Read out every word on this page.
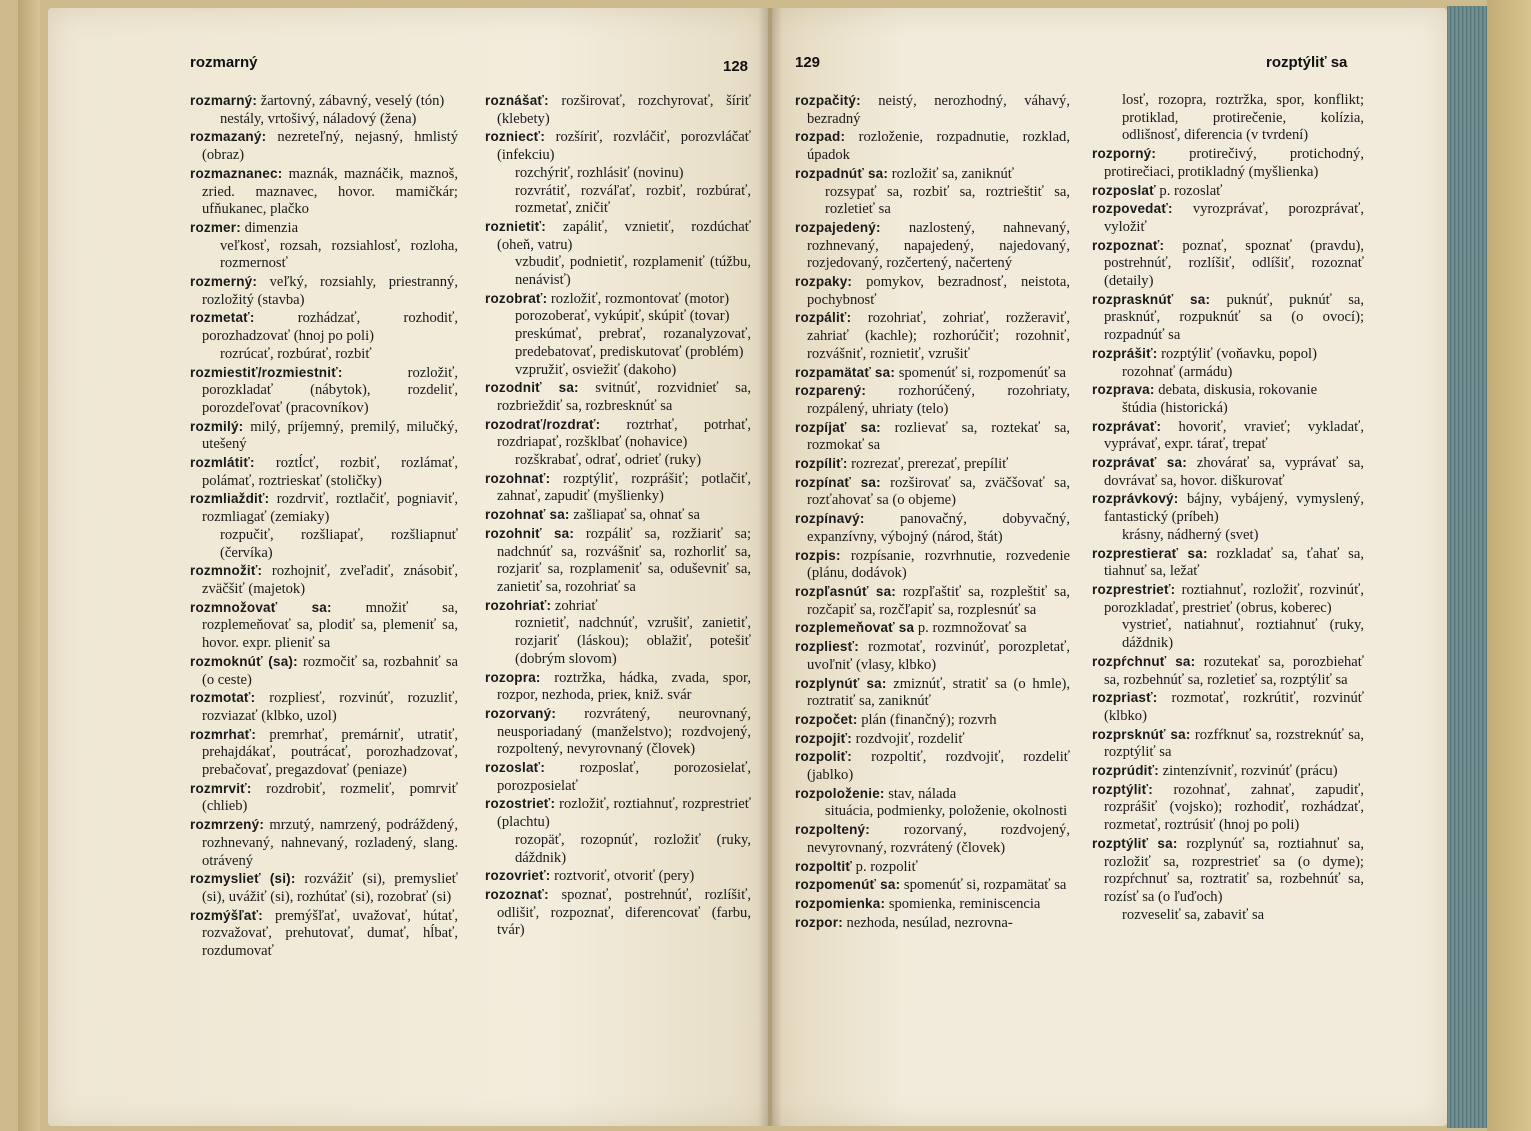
rozmarný	128	129	rozptýliť sa

rozmarný: žartovný, zábavný, veselý (tón)

nestály, vrtošivý, náladový (žena)

rozmazaný: nezreteľný, nejasný, hmlistý (obraz)

rozmaznanec: maznák, maznáčik, maznoš, zried. maznavec, hovor. mamičkár; ufňukanec, plačko

rozmer: dimenzia

veľkosť, rozsah, rozsiahlosť, rozloha, rozmernosť

rozmerný: veľký, rozsiahly, priestranný, rozložitý (stavba)

rozmetať: rozhádzať, rozhodiť, porozhadzovať (hnoj po poli)

rozrúcať, rozbúrať, rozbiť

rozmiestiť/rozmiestniť: rozložiť, porozkladať (nábytok), rozdeliť, porozdeľovať (pracovníkov)

rozmilý: milý, príjemný, premilý, milučký, utešený

rozmlátiť: roztĺcť, rozbiť, rozlámať, polámať, roztrieskať (stoličky)

rozmliaždiť: rozdrviť, roztlačiť, pogniaviť, rozmliagať (zemiaky)

rozpučiť, rozšliapať, rozšliapnuť (červíka)

rozmnožiť: rozhojniť, zveľadiť, znásobiť, zväčšiť (majetok)

rozmnožovať sa: množiť sa, rozplemeňovať sa, plodiť sa, plemeniť sa, hovor. expr. plieniť sa

rozmoknúť (sa): rozmočiť sa, rozbahniť sa (o ceste)

rozmotať: rozpliesť, rozvinúť, rozuzliť, rozviazať (klbko, uzol)

rozmrhať: premrhať, premárniť, utratiť, prehajdákať, poutrácať, porozhadzovať, prebačovať, pregazdovať (peniaze)

rozmrviť: rozdrobiť, rozmeliť, pomrviť (chlieb)

rozmrzený: mrzutý, namrzený, podráždený, rozhnevaný, nahnevaný, rozladený, slang. otrávený

rozmyslieť (si): rozvážiť (si), premyslieť (si), uvážiť (si), rozhútať (si), rozobrať (si)

rozmýšľať: premýšľať, uvažovať, hútať, rozvažovať, prehutovať, dumať, hĺbať, rozdumovať

roznášať: rozširovať, rozchyrovať, šíriť (klebety)

roznieсť: rozšíriť, rozvláčiť, porozvláčať (infekciu)

rozchýriť, rozhlásiť (novinu)

rozvrátiť, rozváľať, rozbiť, rozbúrať, rozmetať, zničiť

roznietiť: zapáliť, vznietiť, rozdúchať (oheň, vatru)

vzbudiť, podnietiť, rozplameniť (túžbu, nenávisť)

rozobrať: rozložiť, rozmontovať (motor)

porozoberať, vykúpiť, skúpiť (tovar)

preskúmať, prebrať, rozanalyzovať, predebatovať, prediskutovať (problém)

vzpružiť, osviežiť (dakoho)

rozodniť sa: svitnúť, rozvidnieť sa, rozbrieždiť sa, rozbresknúť sa

rozodrať/rozdrať: roztrhať, potrhať, rozdriapať, rozšklbať (nohavice)

rozškrabať, odrať, odrieť (ruky)

rozohnať: rozptýliť, rozprášiť; potlačiť, zahnať, zapudiť (myšlienky)

rozohnať sa: zašliapať sa, ohnať sa

rozohniť sa: rozpáliť sa, rozžiariť sa; nadchnúť sa, rozvášniť sa, rozhorliť sa, rozjariť sa, rozplameniť sa, oduševniť sa, zanietiť sa, rozohriať sa

rozohriať: zohriať

roznietiť, nadchnúť, vzrušiť, zanietiť, rozjariť (láskou); oblažiť, potešiť (dobrým slovom)

rozopra: roztržka, hádka, zvada, spor, rozpor, nezhoda, prieк, kniž. svár

rozorvaný: rozvrátený, neurovnaný, neusporiadaný (manželstvo); rozdvojený, rozpoltený, nevyrovnaný (človek)

rozoslať: rozposlať, porozosielať, porozposielať

rozostrieť: rozložiť, roztiahnuť, rozprestrieť (plachtu)

rozopäť, rozopnúť, rozložiť (ruky, dáždnik)

rozovrieť: roztvoriť, otvoriť (pery)

rozoznať: spoznať, postrehnúť, rozlíšiť, odlišiť, rozpoznať, diferencovať (farbu, tvár)

rozpačitý: neistý, nerozhodný, váhavý, bezradný

rozpad: rozloženie, rozpadnutie, rozklad, úpadok

rozpadnúť sa: rozložiť sa, zaniknúť

rozsypať sa, rozbiť sa, roztrieštiť sa, rozletieť sa

rozpajedený: nazlostený, nahnevaný, rozhnevaný, napajedený, najedovaný, rozjedovaný, rozčertený, načertený

rozpaky: pomykov, bezradnosť, neistota, pochybnosť

rozpáliť: rozohriať, zohriať, rozžeraviť, zahriať (kachle); rozhorúčiť; rozohniť, rozvášniť, roznietiť, vzrušiť

rozpamätať sa: spomenúť si, rozpomenúť sa

rozparený: rozhorúčený, rozohriaty, rozpálený, uhriaty (telo)

rozpíjať sa: rozlievať sa, roztekať sa, rozmokať sa

rozpíliť: rozrezať, prerezať, prepíliť

rozpínať sa: rozširovať sa, zväčšovať sa, rozťahovať sa (o objeme)

rozpínavý: panovačný, dobyvačný, expanzívny, výbojný (národ, štát)

rozpis: rozpísanie, rozvrhnutie, rozvedenie (plánu, dodávok)

rozpľasnúť sa: rozpľaštiť sa, rozpleštiť sa, rozčapiť sa, rozčľapiť sa, rozplesnúť sa

rozplemeňovať sa p. rozmnožovať sa

rozpliesť: rozmotať, rozvinúť, porozpletať, uvoľniť (vlasy, klbko)

rozplynúť sa: zmiznúť, stratiť sa (o hmle), roztratiť sa, zaniknúť

rozpočet: plán (finančný); rozvrh

rozpojiť: rozdvojiť, rozdeliť

rozpoliť: rozpoltiť, rozdvojiť, rozdeliť (jablko)

rozpoloženie: stav, nálada

situácia, podmienky, položenie, okolnosti

rozpoltený: rozorvaný, rozdvojený, nevyrovnaný, rozvrátený (človek)

rozpoltiť p. rozpoliť

rozpomenúť sa: spomenúť si, rozpamätať sa

rozpomienka: spomienka, reminiscencia

rozpor: nezhoda, nesúlad, nezrovna-

losť, rozopra, roztržka, spor, konflikt; protiklad, protirečenie, kolízia, odlišnosť, diferencia (v tvrdení)

rozporný: protirečivý, protichodný, protirečiaci, protikladný (myšlienka)

rozposlať p. rozoslať

rozpovedať: vyrozprávať, porozprávať, vyložiť

rozpoznať: poznať, spoznať (pravdu), postrehnúť, rozlíšiť, odlíšiť, rozoznať (detaily)

rozprasknúť sa: puknúť, puknúť sa, prasknúť, rozpuknúť sa (o ovocí); rozpadnúť sa

rozprášiť: rozptýliť (voňavku, popol)

rozohnať (armádu)

rozprava: debata, diskusia, rokovanie

štúdia (historická)

rozprávať: hovoriť, vravieť; vykladať, vyprávať, expr. tárať, trepať

rozprávať sa: zhovárať sa, vyprávať sa, dovrávať sa, hovor. diškurovať

rozprávkový: bájny, vybájený, vymyslený, fantastický (príbeh)

krásny, nádherný (svet)

rozprestierať sa: rozkladať sa, ťahať sa, tiahnuť sa, ležať

rozprestrieť: roztiahnuť, rozložiť, rozvinúť, porozkladať, prestrieť (obrus, koberec)

vystrieť, natiahnuť, roztiahnuť (ruky, dáždnik)

rozpŕchnuť sa: rozutekať sa, porozbiehať sa, rozbehnúť sa, rozletieť sa, rozptýliť sa

rozpriasť: rozmotať, rozkrútiť, rozvinúť (klbko)

rozprsknúť sa: rozfŕknuť sa, rozstreknúť sa, rozptýliť sa

rozprúdiť: zintenzívniť, rozvinúť (prácu)

rozptýliť: rozohnať, zahnať, zapudiť, rozprášiť (vojsko); rozhodiť, rozhádzať, rozmetať, roztrúsiť (hnoj po poli)

rozptýliť sa: rozplynúť sa, roztiahnuť sa, rozložiť sa, rozprestrieť sa (o dyme); rozpŕchnuť sa, roztratiť sa, rozbehnúť sa, rozísť sa (o ľuďoch)

rozveseliť sa, zabaviť sa
